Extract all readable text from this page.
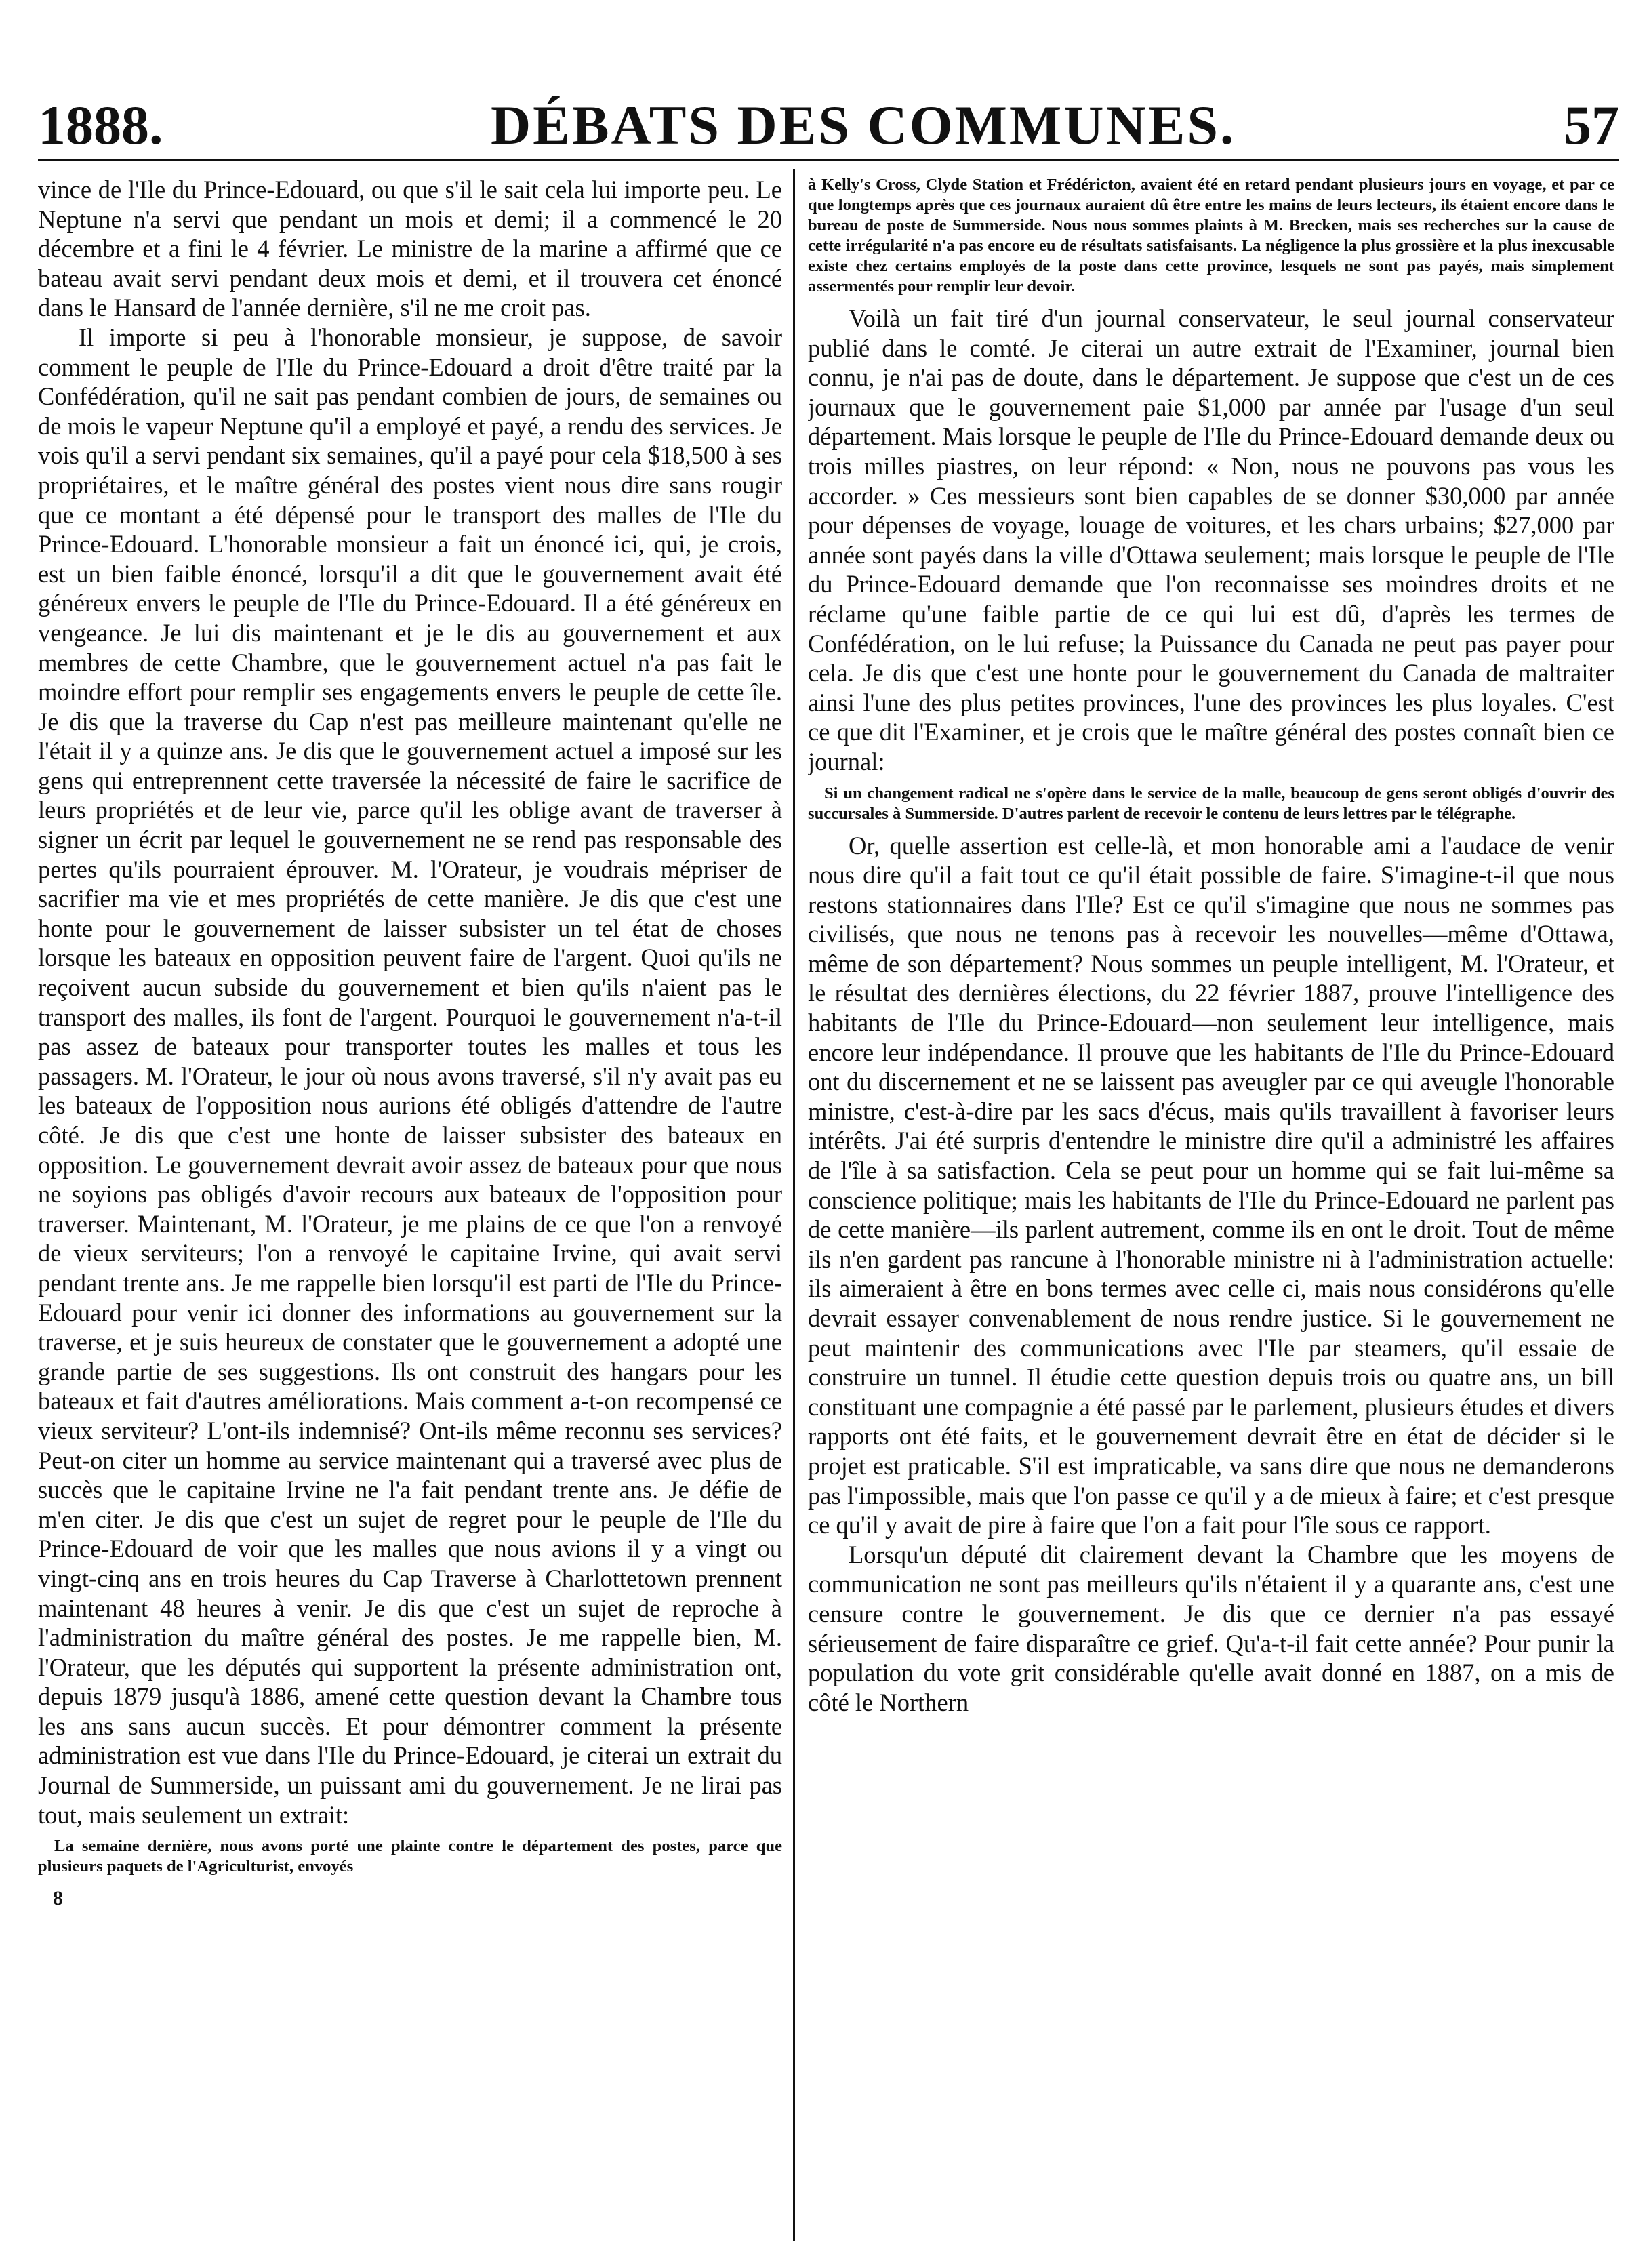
1888.	DÉBATS DES COMMUNES.	57

vince de l'Ile du Prince-Edouard, ou que s'il le sait cela lui importe peu. Le Neptune n'a servi que pendant un mois et demi; il a commencé le 20 décembre et a fini le 4 février. Le ministre de la marine a affirmé que ce bateau avait servi pendant deux mois et demi, et il trouvera cet énoncé dans le Hansard de l'année dernière, s'il ne me croit pas.

Il importe si peu à l'honorable monsieur, je suppose, de savoir comment le peuple de l'Ile du Prince-Edouard a droit d'être traité par la Confédération, qu'il ne sait pas pendant combien de jours, de semaines ou de mois le vapeur Neptune qu'il a employé et payé, a rendu des services. Je vois qu'il a servi pendant six semaines, qu'il a payé pour cela $18,500 à ses propriétaires, et le maître général des postes vient nous dire sans rougir que ce montant a été dépensé pour le transport des malles de l'Ile du Prince-Edouard. L'honorable monsieur a fait un énoncé ici, qui, je crois, est un bien faible énoncé, lorsqu'il a dit que le gouvernement avait été généreux envers le peuple de l'Ile du Prince-Edouard. Il a été généreux en vengeance. Je lui dis maintenant et je le dis au gouvernement et aux membres de cette Chambre, que le gouvernement actuel n'a pas fait le moindre effort pour remplir ses engagements envers le peuple de cette île. Je dis que la traverse du Cap n'est pas meilleure maintenant qu'elle ne l'était il y a quinze ans. Je dis que le gouvernement actuel a imposé sur les gens qui entreprennent cette traversée la nécessité de faire le sacrifice de leurs propriétés et de leur vie, parce qu'il les oblige avant de traverser à signer un écrit par lequel le gouvernement ne se rend pas responsable des pertes qu'ils pourraient éprouver. M. l'Orateur, je voudrais mépriser de sacrifier ma vie et mes propriétés de cette manière. Je dis que c'est une honte pour le gouvernement de laisser subsister un tel état de choses lorsque les bateaux en opposition peuvent faire de l'argent. Quoi qu'ils ne reçoivent aucun subside du gouvernement et bien qu'ils n'aient pas le transport des malles, ils font de l'argent. Pourquoi le gouvernement n'a-t-il pas assez de bateaux pour transporter toutes les malles et tous les passagers. M. l'Orateur, le jour où nous avons traversé, s'il n'y avait pas eu les bateaux de l'opposition nous aurions été obligés d'attendre de l'autre côté. Je dis que c'est une honte de laisser subsister des bateaux en opposition. Le gouvernement devrait avoir assez de bateaux pour que nous ne soyions pas obligés d'avoir recours aux bateaux de l'opposition pour traverser. Maintenant, M. l'Orateur, je me plains de ce que l'on a renvoyé de vieux serviteurs; l'on a renvoyé le capitaine Irvine, qui avait servi pendant trente ans. Je me rappelle bien lorsqu'il est parti de l'Ile du Prince-Edouard pour venir ici donner des informations au gouvernement sur la traverse, et je suis heureux de constater que le gouvernement a adopté une grande partie de ses suggestions. Ils ont construit des hangars pour les bateaux et fait d'autres améliorations. Mais comment a-t-on recompensé ce vieux serviteur? L'ont-ils indemnisé? Ont-ils même reconnu ses services? Peut-on citer un homme au service maintenant qui a traversé avec plus de succès que le capitaine Irvine ne l'a fait pendant trente ans. Je défie de m'en citer. Je dis que c'est un sujet de regret pour le peuple de l'Ile du Prince-Edouard de voir que les malles que nous avions il y a vingt ou vingt-cinq ans en trois heures du Cap Traverse à Charlottetown prennent maintenant 48 heures à venir. Je dis que c'est un sujet de reproche à l'administration du maître général des postes. Je me rappelle bien, M. l'Orateur, que les députés qui supportent la présente administration ont, depuis 1879 jusqu'à 1886, amené cette question devant la Chambre tous les ans sans aucun succès. Et pour démontrer comment la présente administration est vue dans l'Ile du Prince-Edouard, je citerai un extrait du Journal de Summerside, un puissant ami du gouvernement. Je ne lirai pas tout, mais seulement un extrait:

La semaine dernière, nous avons porté une plainte contre le département des postes, parce que plusieurs paquets de l'Agriculturist, envoyés

8

à Kelly's Cross, Clyde Station et Frédéricton, avaient été en retard pendant plusieurs jours en voyage, et par ce que longtemps après que ces journaux auraient dû être entre les mains de leurs lecteurs, ils étaient encore dans le bureau de poste de Summerside. Nous nous sommes plaints à M. Brecken, mais ses recherches sur la cause de cette irrégularité n'a pas encore eu de résultats satisfaisants. La négligence la plus grossière et la plus inexcusable existe chez certains employés de la poste dans cette province, lesquels ne sont pas payés, mais simplement assermentés pour remplir leur devoir.

Voilà un fait tiré d'un journal conservateur, le seul journal conservateur publié dans le comté. Je citerai un autre extrait de l'Examiner, journal bien connu, je n'ai pas de doute, dans le département. Je suppose que c'est un de ces journaux que le gouvernement paie $1,000 par année par l'usage d'un seul département. Mais lorsque le peuple de l'Ile du Prince-Edouard demande deux ou trois milles piastres, on leur répond: « Non, nous ne pouvons pas vous les accorder. » Ces messieurs sont bien capables de se donner $30,000 par année pour dépenses de voyage, louage de voitures, et les chars urbains; $27,000 par année sont payés dans la ville d'Ottawa seulement; mais lorsque le peuple de l'Ile du Prince-Edouard demande que l'on reconnaisse ses moindres droits et ne réclame qu'une faible partie de ce qui lui est dû, d'après les termes de Confédération, on le lui refuse; la Puissance du Canada ne peut pas payer pour cela. Je dis que c'est une honte pour le gouvernement du Canada de maltraiter ainsi l'une des plus petites provinces, l'une des provinces les plus loyales. C'est ce que dit l'Examiner, et je crois que le maître général des postes connaît bien ce journal:

Si un changement radical ne s'opère dans le service de la malle, beaucoup de gens seront obligés d'ouvrir des succursales à Summerside. D'autres parlent de recevoir le contenu de leurs lettres par le télégraphe.

Or, quelle assertion est celle-là, et mon honorable ami a l'audace de venir nous dire qu'il a fait tout ce qu'il était possible de faire. S'imagine-t-il que nous restons stationnaires dans l'Ile? Est ce qu'il s'imagine que nous ne sommes pas civilisés, que nous ne tenons pas à recevoir les nouvelles—même d'Ottawa, même de son département? Nous sommes un peuple intelligent, M. l'Orateur, et le résultat des dernières élections, du 22 février 1887, prouve l'intelligence des habitants de l'Ile du Prince-Edouard—non seulement leur intelligence, mais encore leur indépendance. Il prouve que les habitants de l'Ile du Prince-Edouard ont du discernement et ne se laissent pas aveugler par ce qui aveugle l'honorable ministre, c'est-à-dire par les sacs d'écus, mais qu'ils travaillent à favoriser leurs intérêts. J'ai été surpris d'entendre le ministre dire qu'il a administré les affaires de l'île à sa satisfaction. Cela se peut pour un homme qui se fait lui-même sa conscience politique; mais les habitants de l'Ile du Prince-Edouard ne parlent pas de cette manière—ils parlent autrement, comme ils en ont le droit. Tout de même ils n'en gardent pas rancune à l'honorable ministre ni à l'administration actuelle: ils aimeraient à être en bons termes avec celle ci, mais nous considérons qu'elle devrait essayer convenablement de nous rendre justice. Si le gouvernement ne peut maintenir des communications avec l'Ile par steamers, qu'il essaie de construire un tunnel. Il étudie cette question depuis trois ou quatre ans, un bill constituant une compagnie a été passé par le parlement, plusieurs études et divers rapports ont été faits, et le gouvernement devrait être en état de décider si le projet est praticable. S'il est impraticable, va sans dire que nous ne demanderons pas l'impossible, mais que l'on passe ce qu'il y a de mieux à faire; et c'est presque ce qu'il y avait de pire à faire que l'on a fait pour l'île sous ce rapport.

Lorsqu'un député dit clairement devant la Chambre que les moyens de communication ne sont pas meilleurs qu'ils n'étaient il y a quarante ans, c'est une censure contre le gouvernement. Je dis que ce dernier n'a pas essayé sérieusement de faire disparaître ce grief. Qu'a-t-il fait cette année? Pour punir la population du vote grit considérable qu'elle avait donné en 1887, on a mis de côté le Northern
